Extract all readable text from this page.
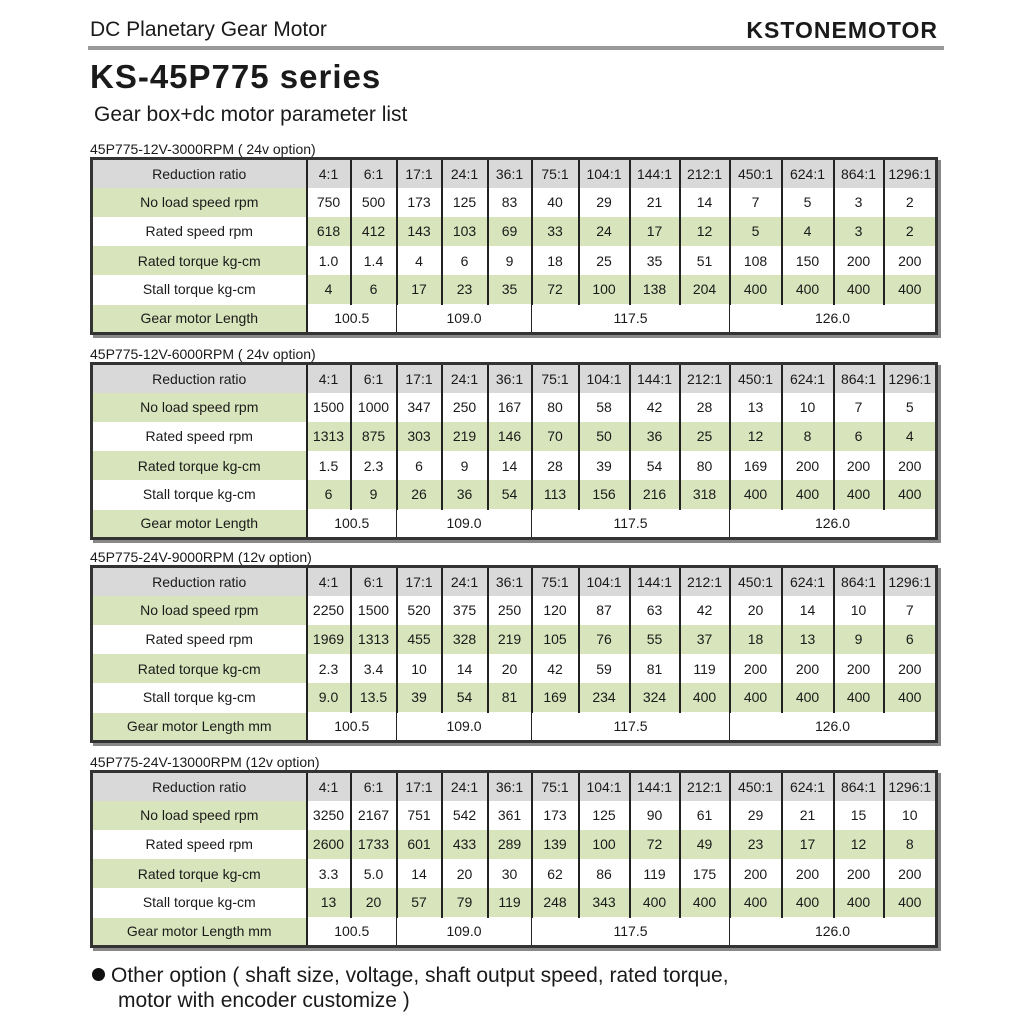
DC Planetary Gear Motor	KSTONEMOTOR
KS-45P775 series
Gear box+dc motor parameter list
45P775-12V-3000RPM ( 24v option)
Reduction ratio	4:1	6:1	17:1	24:1	36:1	75:1	104:1	144:1	212:1	450:1	624:1	864:1	1296:1
No load speed rpm	750	500	173	125	83	40	29	21	14	7	5	3	2
Rated speed rpm	618	412	143	103	69	33	24	17	12	5	4	3	2
Rated torque kg-cm	1.0	1.4	4	6	9	18	25	35	51	108	150	200	200
Stall torque kg-cm	4	6	17	23	35	72	100	138	204	400	400	400	400
Gear motor Length	100.5		109.0			117.5				126.0			
45P775-12V-6000RPM ( 24v option)
Reduction ratio	4:1	6:1	17:1	24:1	36:1	75:1	104:1	144:1	212:1	450:1	624:1	864:1	1296:1
No load speed rpm	1500	1000	347	250	167	80	58	42	28	13	10	7	5
Rated speed rpm	1313	875	303	219	146	70	50	36	25	12	8	6	4
Rated torque kg-cm	1.5	2.3	6	9	14	28	39	54	80	169	200	200	200
Stall torque kg-cm	6	9	26	36	54	113	156	216	318	400	400	400	400
Gear motor Length	100.5		109.0			117.5				126.0			
45P775-24V-9000RPM (12v option)
Reduction ratio	4:1	6:1	17:1	24:1	36:1	75:1	104:1	144:1	212:1	450:1	624:1	864:1	1296:1
No load speed rpm	2250	1500	520	375	250	120	87	63	42	20	14	10	7
Rated speed rpm	1969	1313	455	328	219	105	76	55	37	18	13	9	6
Rated torque kg-cm	2.3	3.4	10	14	20	42	59	81	119	200	200	200	200
Stall torque kg-cm	9.0	13.5	39	54	81	169	234	324	400	400	400	400	400
Gear motor Length mm	100.5		109.0			117.5				126.0			
45P775-24V-13000RPM (12v option)
Reduction ratio	4:1	6:1	17:1	24:1	36:1	75:1	104:1	144:1	212:1	450:1	624:1	864:1	1296:1
No load speed rpm	3250	2167	751	542	361	173	125	90	61	29	21	15	10
Rated speed rpm	2600	1733	601	433	289	139	100	72	49	23	17	12	8
Rated torque kg-cm	3.3	5.0	14	20	30	62	86	119	175	200	200	200	200
Stall torque kg-cm	13	20	57	79	119	248	343	400	400	400	400	400	400
Gear motor Length mm	100.5		109.0			117.5				126.0			
Other option ( shaft size, voltage, shaft output speed, rated torque,
motor with encoder customize )
